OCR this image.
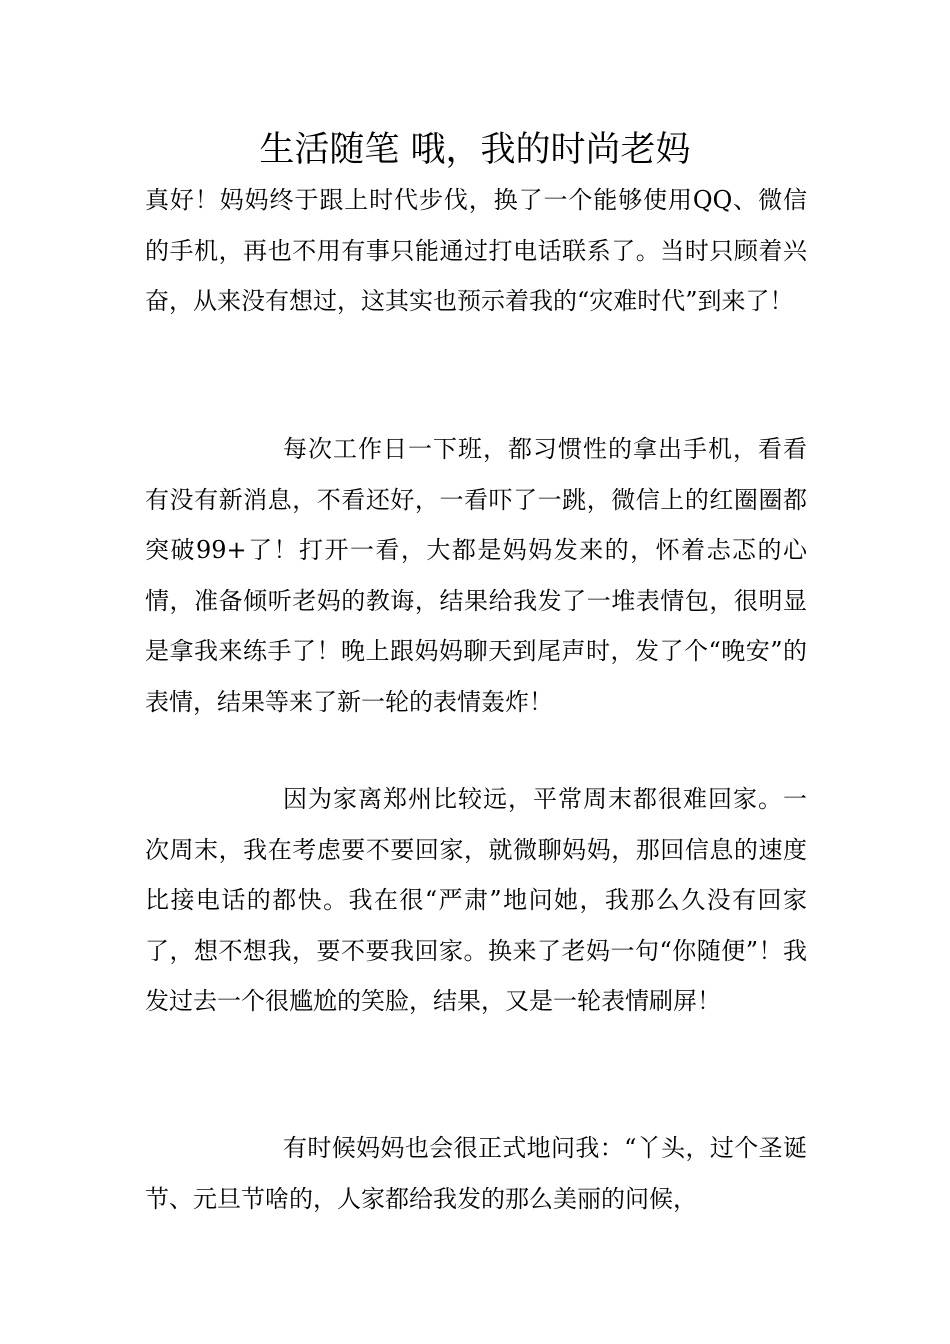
生活随笔 哦，我的时尚老妈

真好！妈妈终于跟上时代步伐，换了一个能够使用QQ、微信的手机，再也不用有事只能通过打电话联系了。当时只顾着兴奋，从来没有想过，这其实也预示着我的“灾难时代”到来了！

每次工作日一下班，都习惯性的拿出手机，看看有没有新消息，不看还好，一看吓了一跳，微信上的红圈圈都突破99+了！打开一看，大都是妈妈发来的，怀着忐忑的心情，准备倾听老妈的教诲，结果给我发了一堆表情包，很明显是拿我来练手了！晚上跟妈妈聊天到尾声时，发了个“晚安”的表情，结果等来了新一轮的表情轰炸！

因为家离郑州比较远，平常周末都很难回家。一次周末，我在考虑要不要回家，就微聊妈妈，那回信息的速度比接电话的都快。我在很“严肃”地问她，我那么久没有回家了，想不想我，要不要我回家。换来了老妈一句“你随便”！我发过去一个很尴尬的笑脸，结果，又是一轮表情刷屏！

有时候妈妈也会很正式地问我：“丫头，过个圣诞节、元旦节啥的，人家都给我发的那么美丽的问候，
